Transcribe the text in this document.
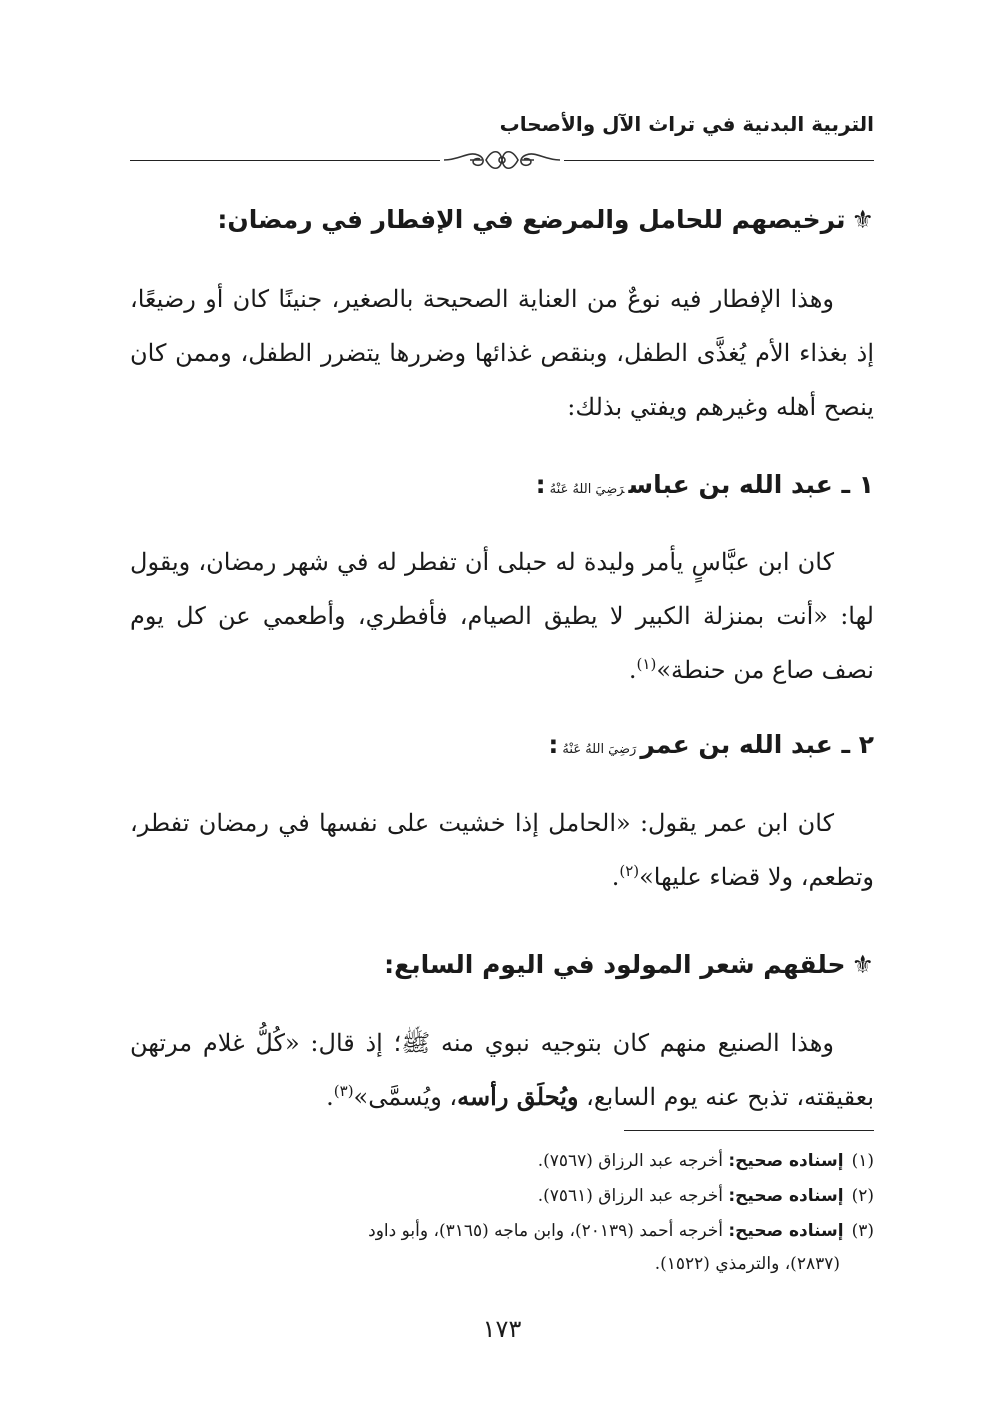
التربية البدنية في تراث الآل والأصحاب
⚜ترخيصهم للحامل والمرضع في الإفطار في رمضان:

وهذا الإفطار فيه نوعٌ من العناية الصحيحة بالصغير، جنينًا كان أو رضيعًا، إذ بغذاء الأم يُغذَّى الطفل، وبنقص غذائها وضررها يتضرر الطفل، وممن كان ينصح أهله وغيرهم ويفتي بذلك:

١ ـ عبد الله بن عباسرَضِيَ اللهُ عَنْهُ:

كان ابن عبَّاسٍ يأمر وليدة له حبلى أن تفطر له في شهر رمضان، ويقول لها: «أنت بمنزلة الكبير لا يطيق الصيام، فأفطري، وأطعمي عن كل يوم نصف صاع من حنطة»$^{(١)}$.

٢ ـ عبد الله بن عمررَضِيَ اللهُ عَنْهُ:

كان ابن عمر يقول: «الحامل إذا خشيت على نفسها في رمضان تفطر، وتطعم، ولا قضاء عليها»$^{(٢)}$.

⚜حلقهم شعر المولود في اليوم السابع:

وهذا الصنيع منهم كان بتوجيه نبوي منه ﷺ؛ إذ قال: «كُلُّ غلام مرتهن بعقيقته، تذبح عنه يوم السابع، ويُحلَق رأسه، ويُسمَّى»$^{(٣)}$.

(١)إسناده صحيح: أخرجه عبد الرزاق (٧٥٦٧).

(٢)إسناده صحيح: أخرجه عبد الرزاق (٧٥٦١).

(٣)إسناده صحيح: أخرجه أحمد (٢٠١٣٩)، وابن ماجه (٣١٦٥)، وأبو داود
(٢٨٣٧)، والترمذي (١٥٢٢).

١٧٣
